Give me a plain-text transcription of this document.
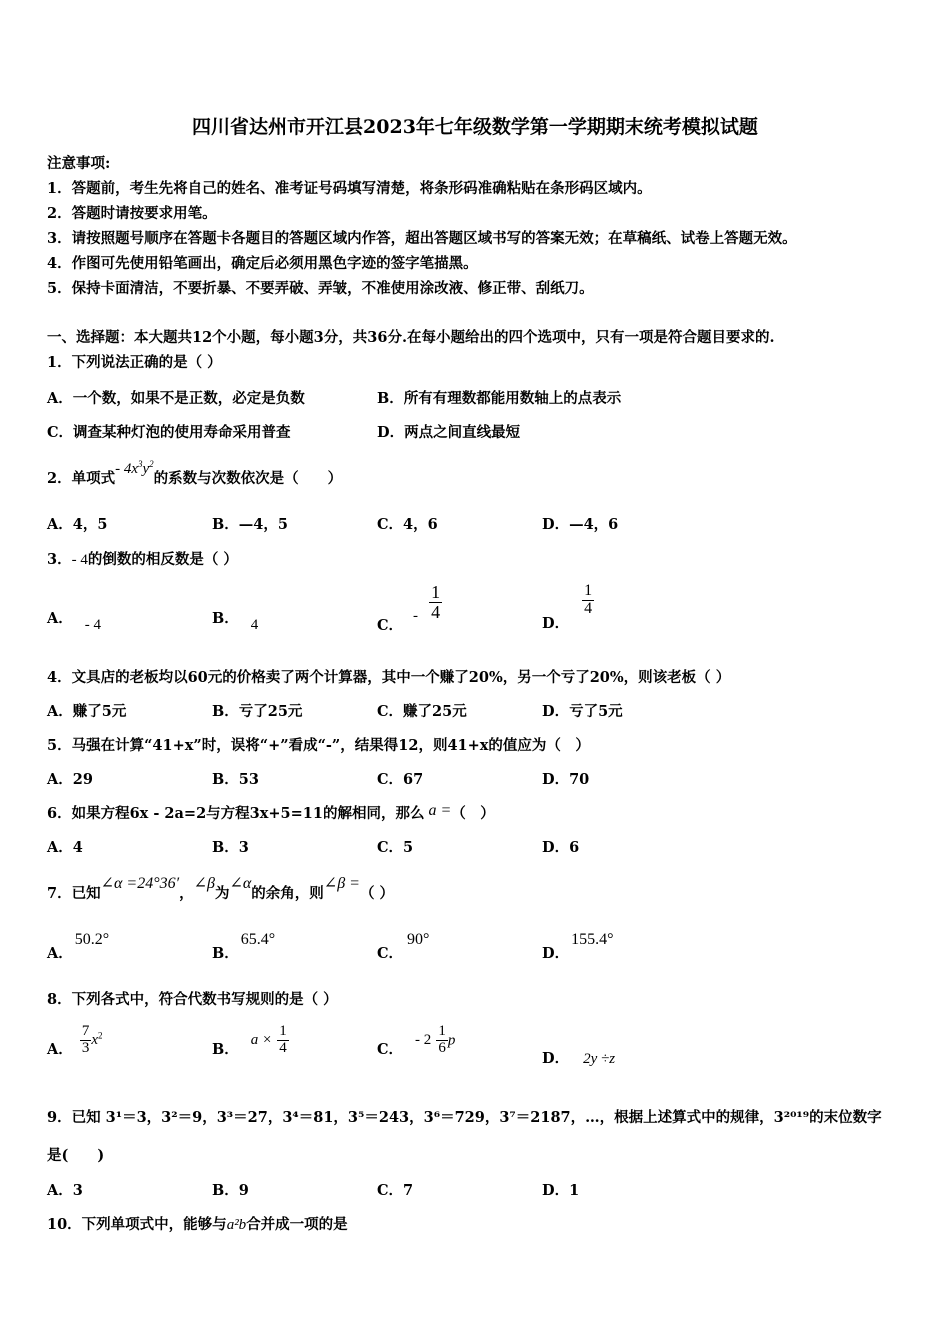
四川省达州市开江县2023年七年级数学第一学期期末统考模拟试题
注意事项:
1．答题前，考生先将自己的姓名、准考证号码填写清楚，将条形码准确粘贴在条形码区域内。
2．答题时请按要求用笔。
3．请按照题号顺序在答题卡各题目的答题区域内作答，超出答题区域书写的答案无效；在草稿纸、试卷上答题无效。
4．作图可先使用铅笔画出，确定后必须用黑色字迹的签字笔描黑。
5．保持卡面清洁，不要折暴、不要弄破、弄皱，不准使用涂改液、修正带、刮纸刀。
一、选择题：本大题共12个小题，每小题3分，共36分.在每小题给出的四个选项中，只有一项是符合题目要求的.
1．下列说法正确的是（ ）
A．一个数，如果不是正数，必定是负数	B．所有有理数都能用数轴上的点表示
C．调查某种灯泡的使用寿命采用普查	D．两点之间直线最短
2．单项式- $4x^3y^2$的系数与次数依次是（　　）
A．4，5	B．—4，5	C．4，6	D．—4，6
3．- 4的倒数的相反数是（ ）
A． - 4	B． 4	C．- $\frac{1}{4}$
D．
$\frac{1}{4}$
4．文具店的老板均以60元的价格卖了两个计算器，其中一个赚了20%，另一个亏了20%，则该老板（ ）
A．赚了5元	B．亏了25元	C．赚了25元	D．亏了5元
5．马强在计算“41+x”时，误将“+”看成“-”，结果得12，则41+x的值应为（　）
A．29	B．53	C．67	D．70
6．如果方程6x - 2a=2与方程3x+5=11的解相同，那么 a =（　）
A．4	B．3	C．5	D．6
7．已知∠α =24°36′，∠β为∠α的余角，则∠β =（ ）
A．50.2°
B．65.4°
C．90°
D．155.4°
8．下列各式中，符合代数书写规则的是（ ）
A． $\frac{7}{3} x^2$
B．$a \times \frac{1}{4}$	C．- $2 \frac{1}{6}$ p
D． 2y ÷z
9．已知 3¹＝3，3²＝9，3³＝27，3⁴＝81，3⁵＝243，3⁶＝729，3⁷＝2187，…，根据上述算式中的规律，3²⁰¹⁹的末位数字
是(　　)
A．3	B．9	C．7	D．1
10．下列单项式中，能够与a²b合并成一项的是
